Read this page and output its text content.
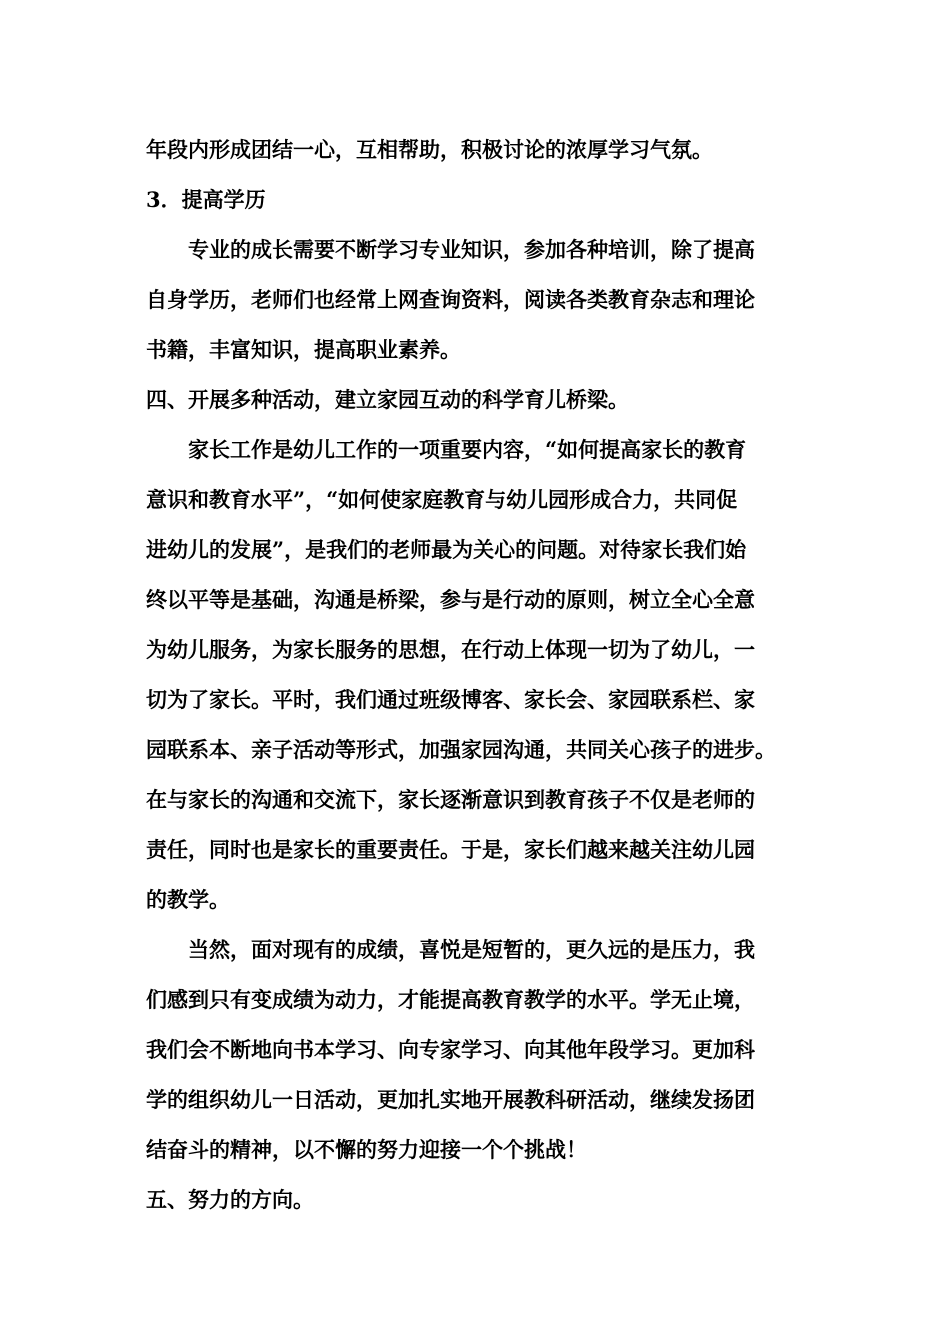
年段内形成团结一心，互相帮助，积极讨论的浓厚学习气氛。
3．提高学历
专业的成长需要不断学习专业知识，参加各种培训，除了提高
自身学历，老师们也经常上网查询资料，阅读各类教育杂志和理论
书籍，丰富知识，提高职业素养。
四、开展多种活动，建立家园互动的科学育儿桥梁。
家长工作是幼儿工作的一项重要内容，“如何提高家长的教育
意识和教育水平”，“如何使家庭教育与幼儿园形成合力，共同促
进幼儿的发展”，是我们的老师最为关心的问题。对待家长我们始
终以平等是基础，沟通是桥梁，参与是行动的原则，树立全心全意
为幼儿服务，为家长服务的思想，在行动上体现一切为了幼儿，一
切为了家长。平时，我们通过班级博客、家长会、家园联系栏、家
园联系本、亲子活动等形式，加强家园沟通，共同关心孩子的进步。
在与家长的沟通和交流下，家长逐渐意识到教育孩子不仅是老师的
责任，同时也是家长的重要责任。于是，家长们越来越关注幼儿园
的教学。
当然，面对现有的成绩，喜悦是短暂的，更久远的是压力，我
们感到只有变成绩为动力，才能提高教育教学的水平。学无止境，
我们会不断地向书本学习、向专家学习、向其他年段学习。更加科
学的组织幼儿一日活动，更加扎实地开展教科研活动，继续发扬团
结奋斗的精神，以不懈的努力迎接一个个挑战！
五、努力的方向。
